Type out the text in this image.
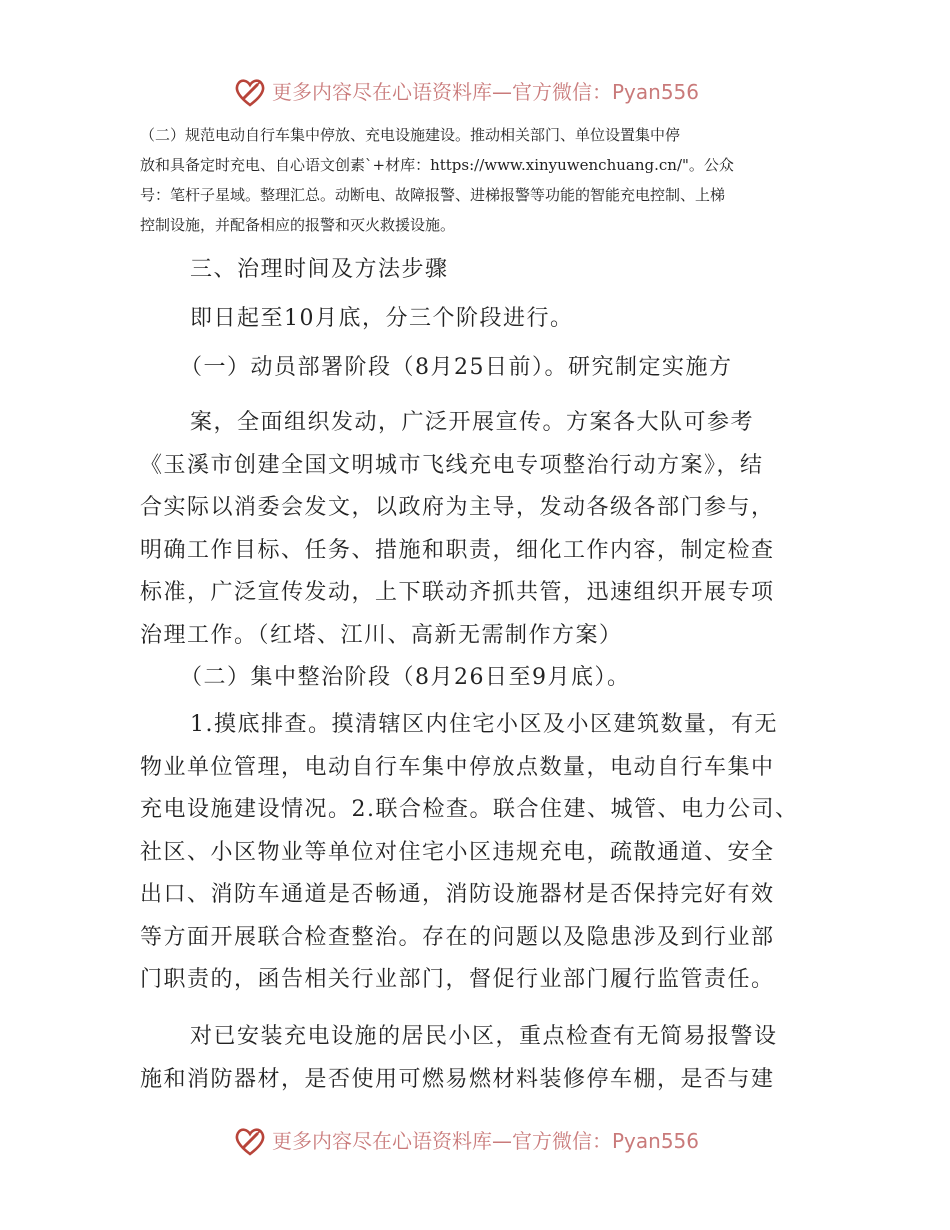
更多内容尽在心语资料库—官方微信：Pyan556
（二）规范电动自行车集中停放、充电设施建设。推动相关部门、单位设置集中停
放和具备定时充电、自心语文创素`+材库：https://www.xinyuwenchuang.cn/"。公众
号：笔杆子星域。整理汇总。动断电、故障报警、进梯报警等功能的智能充电控制、上梯
控制设施，并配备相应的报警和灭火救援设施。
三、治理时间及方法步骤
即日起至10月底，分三个阶段进行。
（一）动员部署阶段（8月25日前）。研究制定实施方
案，全面组织发动，广泛开展宣传。方案各大队可参考
《玉溪市创建全国文明城市飞线充电专项整治行动方案》，结
合实际以消委会发文，以政府为主导，发动各级各部门参与，
明确工作目标、任务、措施和职责，细化工作内容，制定检查
标准，广泛宣传发动，上下联动齐抓共管，迅速组织开展专项
治理工作。（红塔、江川、高新无需制作方案）
（二）集中整治阶段（8月26日至9月底）。
1.摸底排查。摸清辖区内住宅小区及小区建筑数量，有无
物业单位管理，电动自行车集中停放点数量，电动自行车集中
充电设施建设情况。2.联合检查。联合住建、城管、电力公司、
社区、小区物业等单位对住宅小区违规充电，疏散通道、安全
出口、消防车通道是否畅通，消防设施器材是否保持完好有效
等方面开展联合检查整治。存在的问题以及隐患涉及到行业部
门职责的，函告相关行业部门，督促行业部门履行监管责任。
对已安装充电设施的居民小区，重点检查有无简易报警设
施和消防器材，是否使用可燃易燃材料装修停车棚，是否与建
更多内容尽在心语资料库—官方微信：Pyan556
